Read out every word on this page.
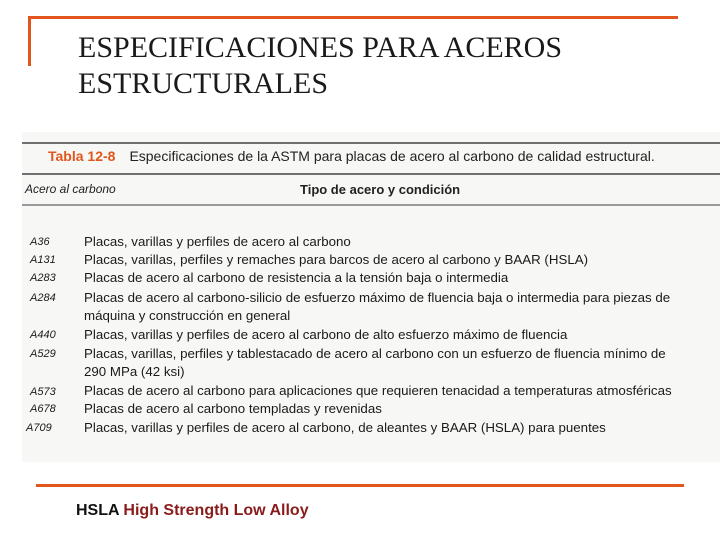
ESPECIFICACIONES PARA ACEROS
ESTRUCTURALES
Tabla 12-8 Especificaciones de la ASTM para placas de acero al carbono de calidad estructural.
Acero al carbono	Tipo de acero y condición
A36	Placas, varillas y perfiles de acero al carbono
A131 Placas, varillas, perfiles y remaches para barcos de acero al carbono y BAAR (HSLA)
A283 Placas de acero al carbono de resistencia a la tensión baja o intermedia
A284 Placas de acero al carbono-silicio de esfuerzo máximo de fluencia baja o intermedia para piezas de
máquina y construcción en general
A440 Placas, varillas y perfiles de acero al carbono de alto esfuerzo máximo de fluencia
A529 Placas, varillas, perfiles y tablestacado de acero al carbono con un esfuerzo de fluencia mínimo de
290 MPa (42 ksi)
A573 Placas de acero al carbono para aplicaciones que requieren tenacidad a temperaturas atmosféricas
A678 Placas de acero al carbono templadas y revenidas
A709 Placas, varillas y perfiles de acero al carbono, de aleantes y BAAR (HSLA) para puentes
HSLA High Strength Low Alloy
